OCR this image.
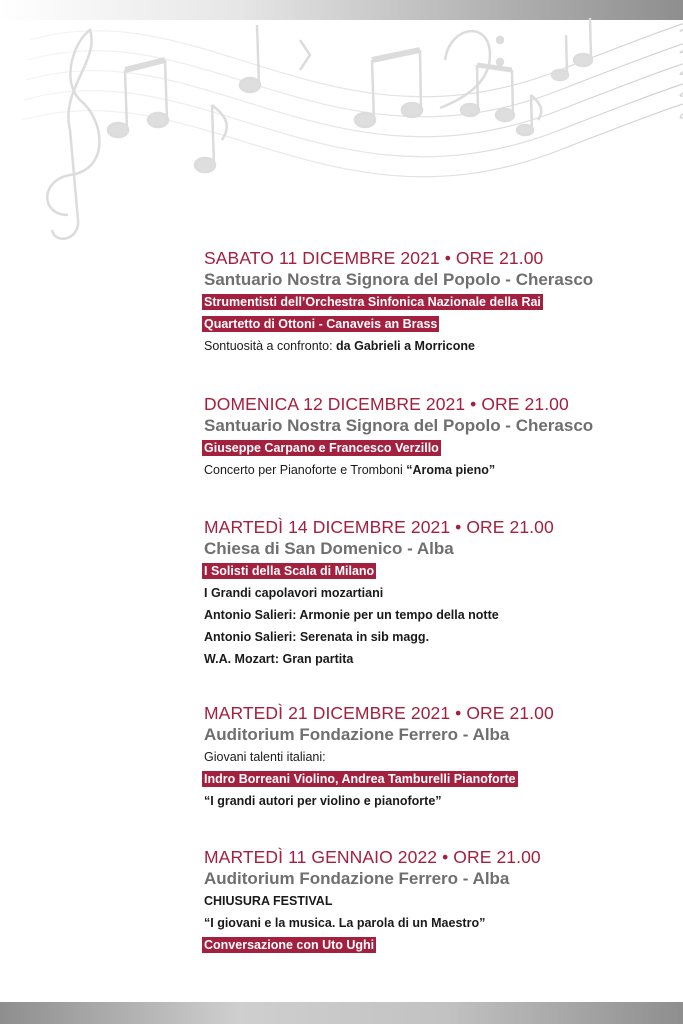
SABATO 11 DICEMBRE 2021 • ORE 21.00
Santuario Nostra Signora del Popolo - Cherasco
Strumentisti dell’Orchestra Sinfonica Nazionale della Rai
Quartetto di Ottoni - Canaveis an Brass
Sontuosità a confronto: da Gabrieli a Morricone
DOMENICA 12 DICEMBRE 2021 • ORE 21.00
Santuario Nostra Signora del Popolo - Cherasco
Giuseppe Carpano e Francesco Verzillo
Concerto per Pianoforte e Tromboni “Aroma pieno”
MARTEDÌ 14 DICEMBRE 2021 • ORE 21.00
Chiesa di San Domenico - Alba
I Solisti della Scala di Milano
I Grandi capolavori mozartiani
Antonio Salieri: Armonie per un tempo della notte
Antonio Salieri: Serenata in sib magg.
W.A. Mozart: Gran partita
MARTEDÌ 21 DICEMBRE 2021 • ORE 21.00
Auditorium Fondazione Ferrero - Alba
Giovani talenti italiani:
Indro Borreani Violino, Andrea Tamburelli Pianoforte
“I grandi autori per violino e pianoforte”
MARTEDÌ 11 GENNAIO 2022 • ORE 21.00
Auditorium Fondazione Ferrero - Alba
CHIUSURA FESTIVAL
“I giovani e la musica. La parola di un Maestro”
Conversazione con Uto Ughi
